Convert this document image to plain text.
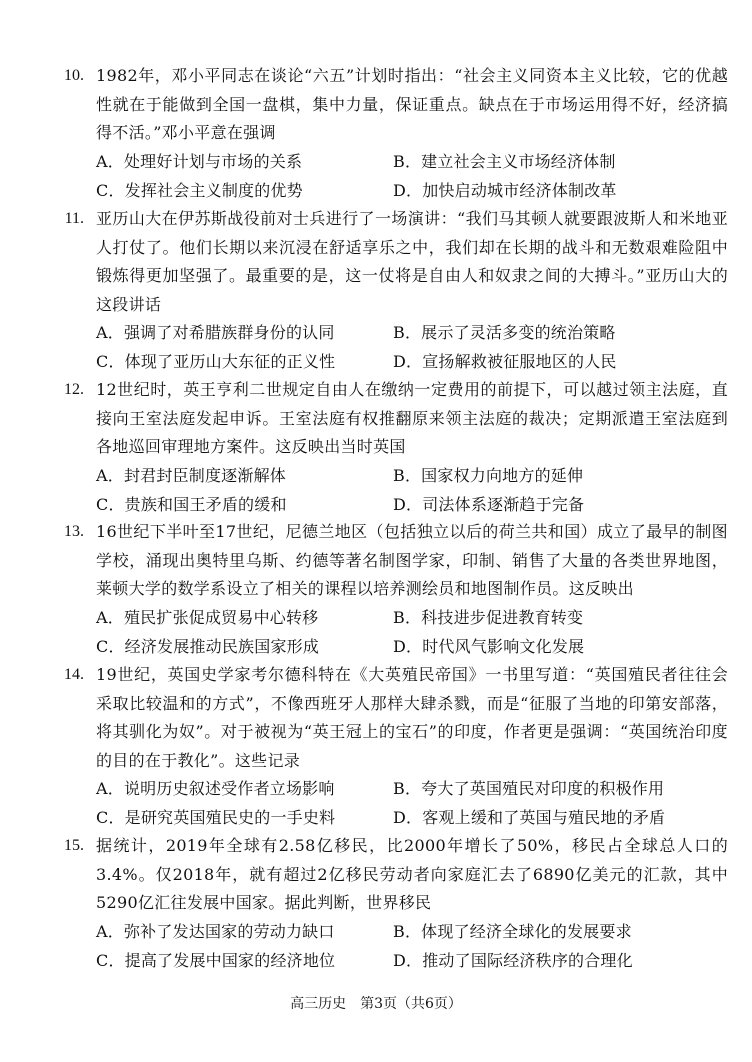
10. 1982年，邓小平同志在谈论“六五”计划时指出：“社会主义同资本主义比较，它的优越性就在于能做到全国一盘棋，集中力量，保证重点。缺点在于市场运用得不好，经济搞得不活。”邓小平意在强调

A．处理好计划与市场的关系	B．建立社会主义市场经济体制
C．发挥社会主义制度的优势	D．加快启动城市经济体制改革
11. 亚历山大在伊苏斯战役前对士兵进行了一场演讲：“我们马其顿人就要跟波斯人和米地亚人打仗了。他们长期以来沉浸在舒适享乐之中，我们却在长期的战斗和无数艰难险阻中锻炼得更加坚强了。最重要的是，这一仗将是自由人和奴隶之间的大搏斗。”亚历山大的这段讲话

A．强调了对希腊族群身份的认同	B．展示了灵活多变的统治策略
C．体现了亚历山大东征的正义性	D．宣扬解救被征服地区的人民
12. 12世纪时，英王亨利二世规定自由人在缴纳一定费用的前提下，可以越过领主法庭，直接向王室法庭发起申诉。王室法庭有权推翻原来领主法庭的裁决；定期派遣王室法庭到各地巡回审理地方案件。这反映出当时英国

A．封君封臣制度逐渐解体	B．国家权力向地方的延伸
C．贵族和国王矛盾的缓和	D．司法体系逐渐趋于完备
13. 16世纪下半叶至17世纪，尼德兰地区（包括独立以后的荷兰共和国）成立了最早的制图学校，涌现出奥特里乌斯、约德等著名制图学家，印制、销售了大量的各类世界地图，莱顿大学的数学系设立了相关的课程以培养测绘员和地图制作员。这反映出

A．殖民扩张促成贸易中心转移	B．科技进步促进教育转变
C．经济发展推动民族国家形成	D．时代风气影响文化发展
14. 19世纪，英国史学家考尔德科特在《大英殖民帝国》一书里写道：“英国殖民者往往会采取比较温和的方式”，不像西班牙人那样大肆杀戮，而是“征服了当地的印第安部落，将其驯化为奴”。对于被视为“英王冠上的宝石”的印度，作者更是强调：“英国统治印度的目的在于教化”。这些记录

A．说明历史叙述受作者立场影响	B．夸大了英国殖民对印度的积极作用
C．是研究英国殖民史的一手史料	D．客观上缓和了英国与殖民地的矛盾
15. 据统计，2019年全球有2.58亿移民，比2000年增长了50%，移民占全球总人口的3.4%。仅2018年，就有超过2亿移民劳动者向家庭汇去了6890亿美元的汇款，其中5290亿汇往发展中国家。据此判断，世界移民

A．弥补了发达国家的劳动力缺口	B．体现了经济全球化的发展要求
C．提高了发展中国家的经济地位	D．推动了国际经济秩序的合理化
高三历史　第3页（共6页）
